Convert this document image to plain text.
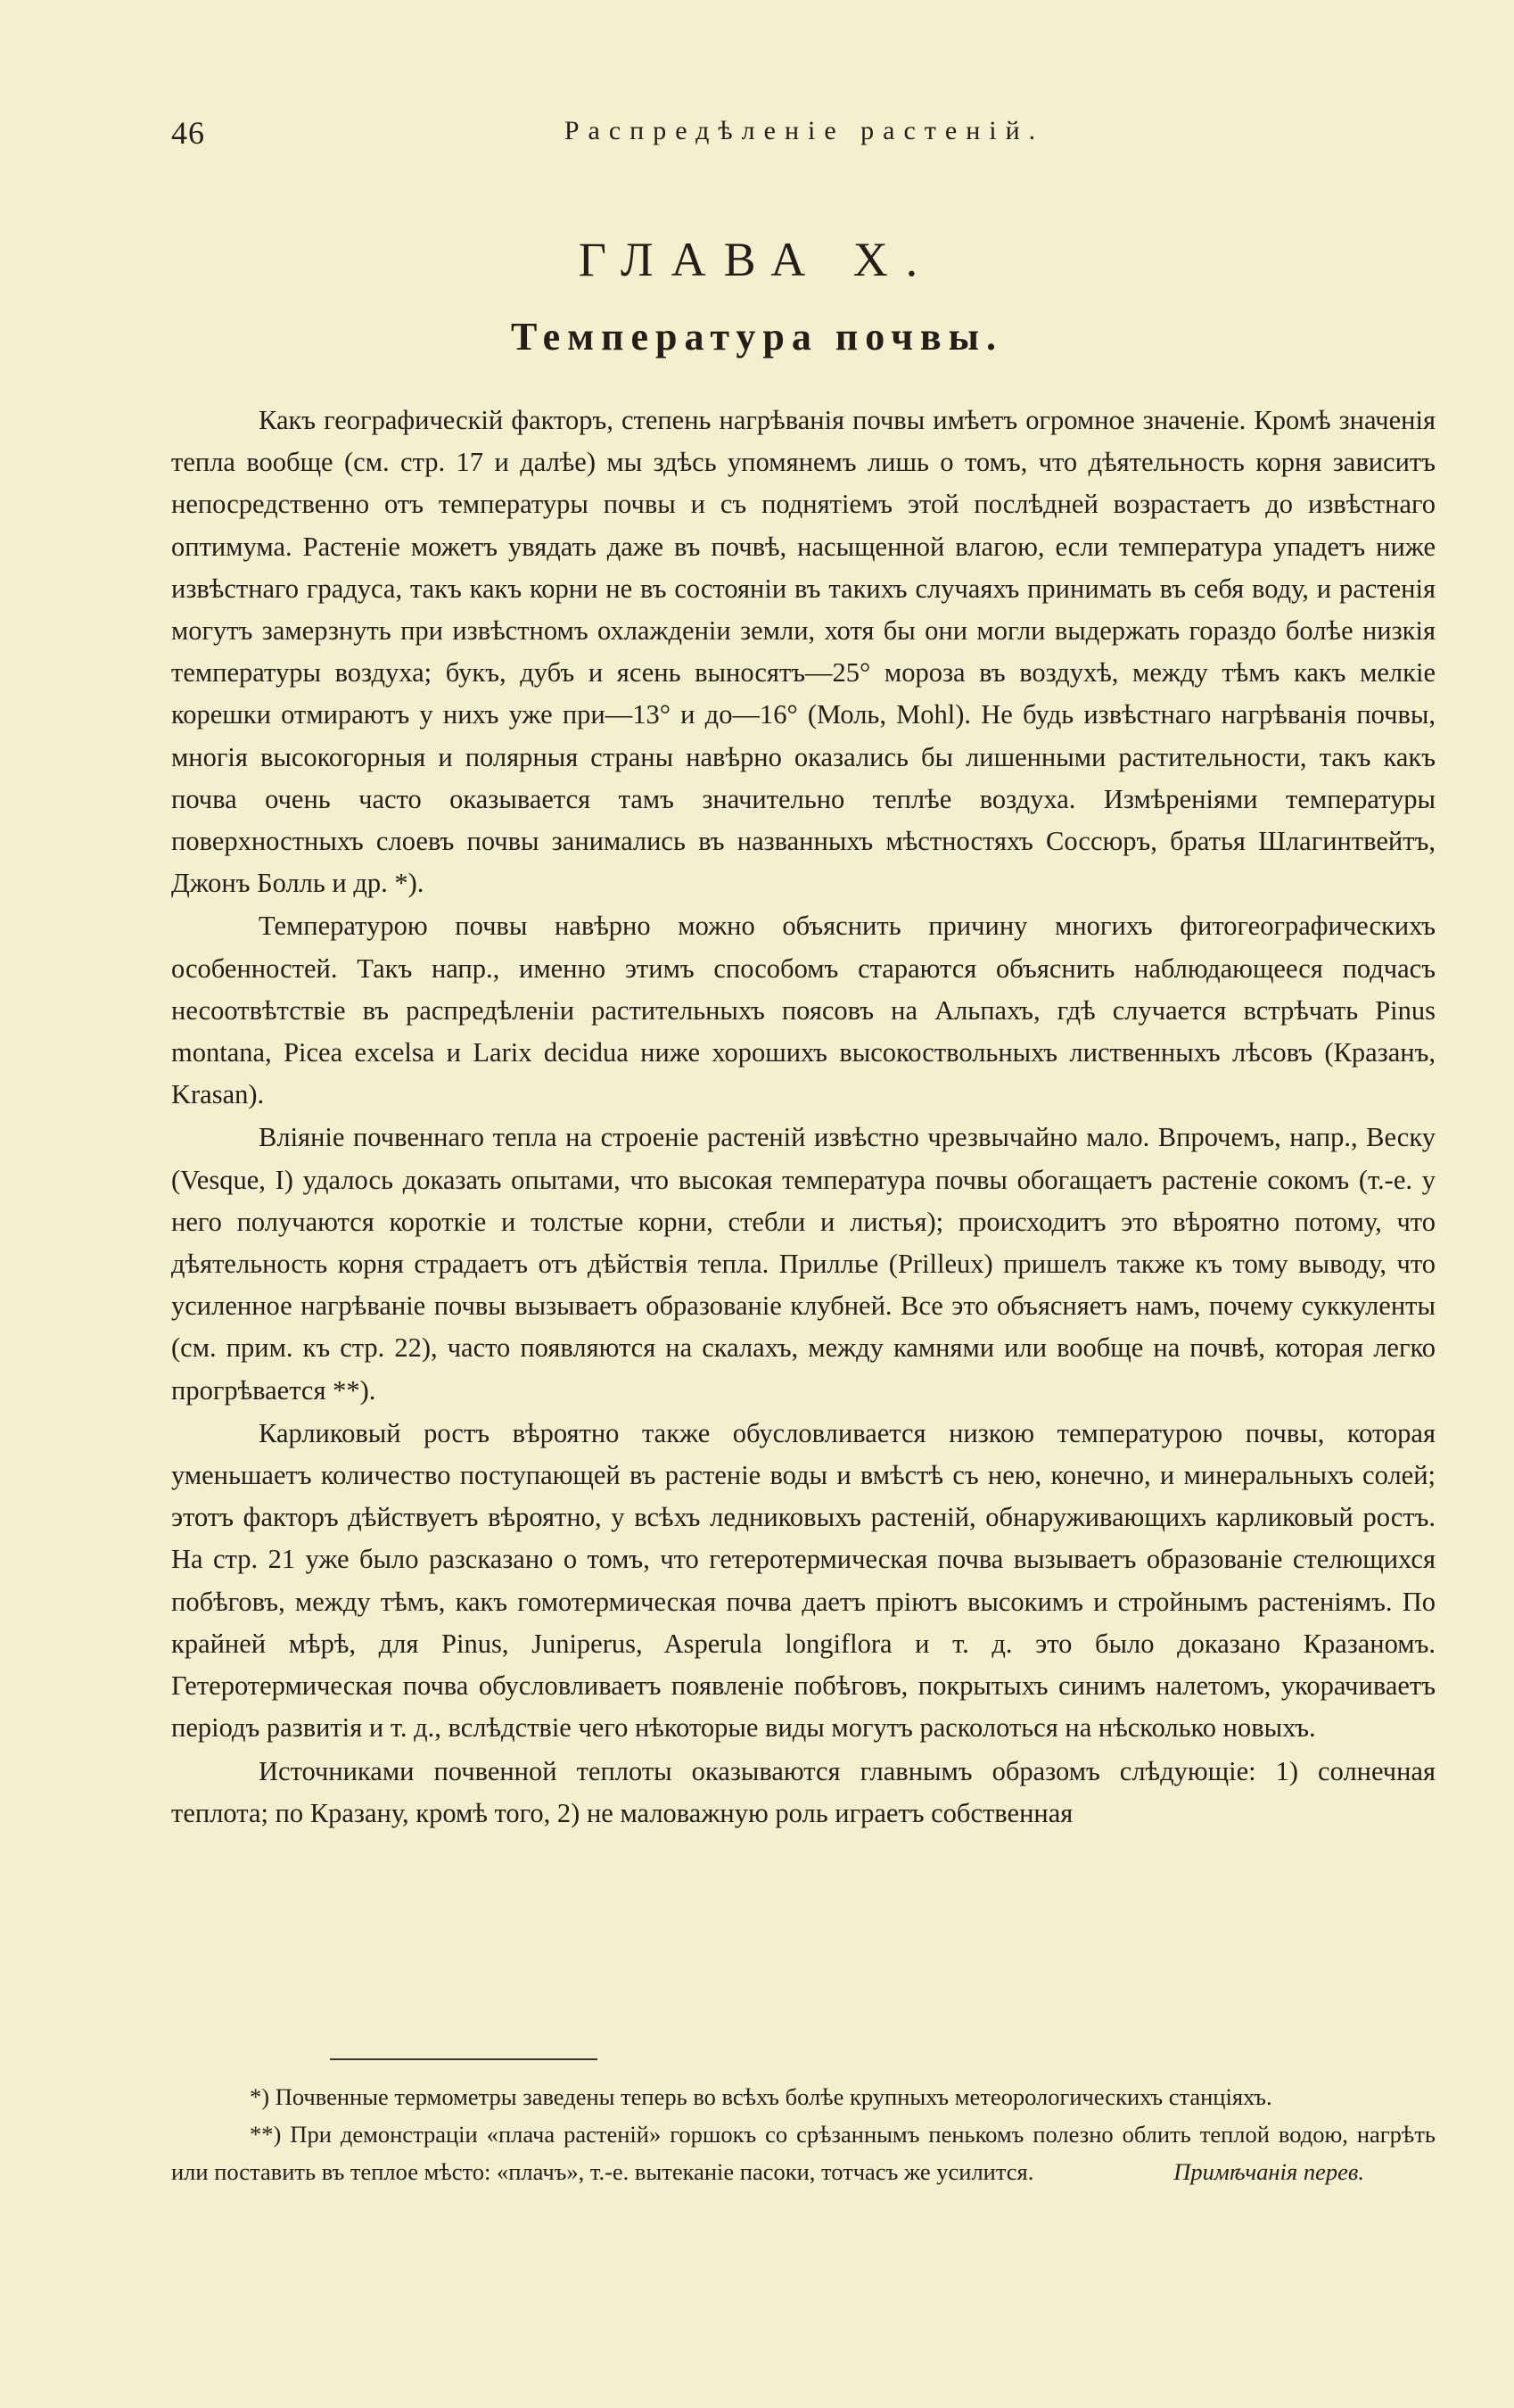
46	Распредѣленіе растеній.
ГЛАВА X.
Температура почвы.

Какъ географическій факторъ, степень нагрѣванія почвы имѣетъ огромное значеніе. Кромѣ значенія тепла вообще (см. стр. 17 и далѣе) мы здѣсь упомянемъ лишь о томъ, что дѣятельность корня зависитъ непосредственно отъ температуры почвы и съ поднятіемъ этой послѣдней возрастаетъ до извѣстнаго оптимума. Растеніе можетъ увядать даже въ почвѣ, насыщенной влагою, если температура упадетъ ниже извѣстнаго градуса, такъ какъ корни не въ состояніи въ такихъ случаяхъ принимать въ себя воду, и растенія могутъ замерзнуть при извѣстномъ охлажденіи земли, хотя бы они могли выдержать гораздо болѣе низкія температуры воздуха; букъ, дубъ и ясень выносятъ—25° мороза въ воздухѣ, между тѣмъ какъ мелкіе корешки отмираютъ у нихъ уже при—13° и до—16° (Моль, Mohl). Не будь извѣстнаго нагрѣванія почвы, многія высокогорныя и полярныя страны навѣрно оказались бы лишенными растительности, такъ какъ почва очень часто оказывается тамъ значительно теплѣе воздуха. Измѣреніями температуры поверхностныхъ слоевъ почвы занимались въ названныхъ мѣстностяхъ Соссюръ, братья Шлагинтвейтъ, Джонъ Болль и др. *).

Температурою почвы навѣрно можно объяснить причину многихъ фитогеографическихъ особенностей. Такъ напр., именно этимъ способомъ стараются объяснить наблюдающееся подчасъ несоотвѣтствіе въ распредѣленіи растительныхъ поясовъ на Альпахъ, гдѣ случается встрѣчать Pinus montana, Picea excelsa и Larix decidua ниже хорошихъ высокоствольныхъ лиственныхъ лѣсовъ (Кразанъ, Krasan).

Вліяніе почвеннаго тепла на строеніе растеній извѣстно чрезвычайно мало. Впрочемъ, напр., Веску (Vesque, I) удалось доказать опытами, что высокая температура почвы обогащаетъ растеніе сокомъ (т.-е. у него получаются короткіе и толстые корни, стебли и листья); происходитъ это вѣроятно потому, что дѣятельность корня страдаетъ отъ дѣйствія тепла. Приллье (Prilleux) пришелъ также къ тому выводу, что усиленное нагрѣваніе почвы вызываетъ образованіе клубней. Все это объясняетъ намъ, почему суккуленты (см. прим. къ стр. 22), часто появляются на скалахъ, между камнями или вообще на почвѣ, которая легко прогрѣвается **).

Карликовый ростъ вѣроятно также обусловливается низкою температурою почвы, которая уменьшаетъ количество поступающей въ растеніе воды и вмѣстѣ съ нею, конечно, и минеральныхъ солей; этотъ факторъ дѣйствуетъ вѣроятно, у всѣхъ ледниковыхъ растеній, обнаруживающихъ карликовый ростъ. На стр. 21 уже было разсказано о томъ, что гетеротермическая почва вызываетъ образованіе стелющихся побѣговъ, между тѣмъ, какъ гомотермическая почва даетъ пріютъ высокимъ и стройнымъ растеніямъ. По крайней мѣрѣ, для Pinus, Juniperus, Asperula longiflora и т. д. это было доказано Кразаномъ. Гетеротермическая почва обусловливаетъ появленіе побѣговъ, покрытыхъ синимъ налетомъ, укорачиваетъ періодъ развитія и т. д., вслѣдствіе чего нѣкоторые виды могутъ расколоться на нѣсколько новыхъ.

Источниками почвенной теплоты оказываются главнымъ образомъ слѣдующіе: 1) солнечная теплота; по Кразану, кромѣ того, 2) не маловажную роль играетъ собственная

*) Почвенные термометры заведены теперь во всѣхъ болѣе крупныхъ метеорологическихъ станціяхъ.

**) При демонстраціи «плача растеній» горшокъ со срѣзаннымъ пенькомъ полезно облить теплой водою, нагрѣть или поставить въ теплое мѣсто: «плачъ», т.-е. вытеканіе пасоки, тотчасъ же усилится.	Примѣчанія перев.
